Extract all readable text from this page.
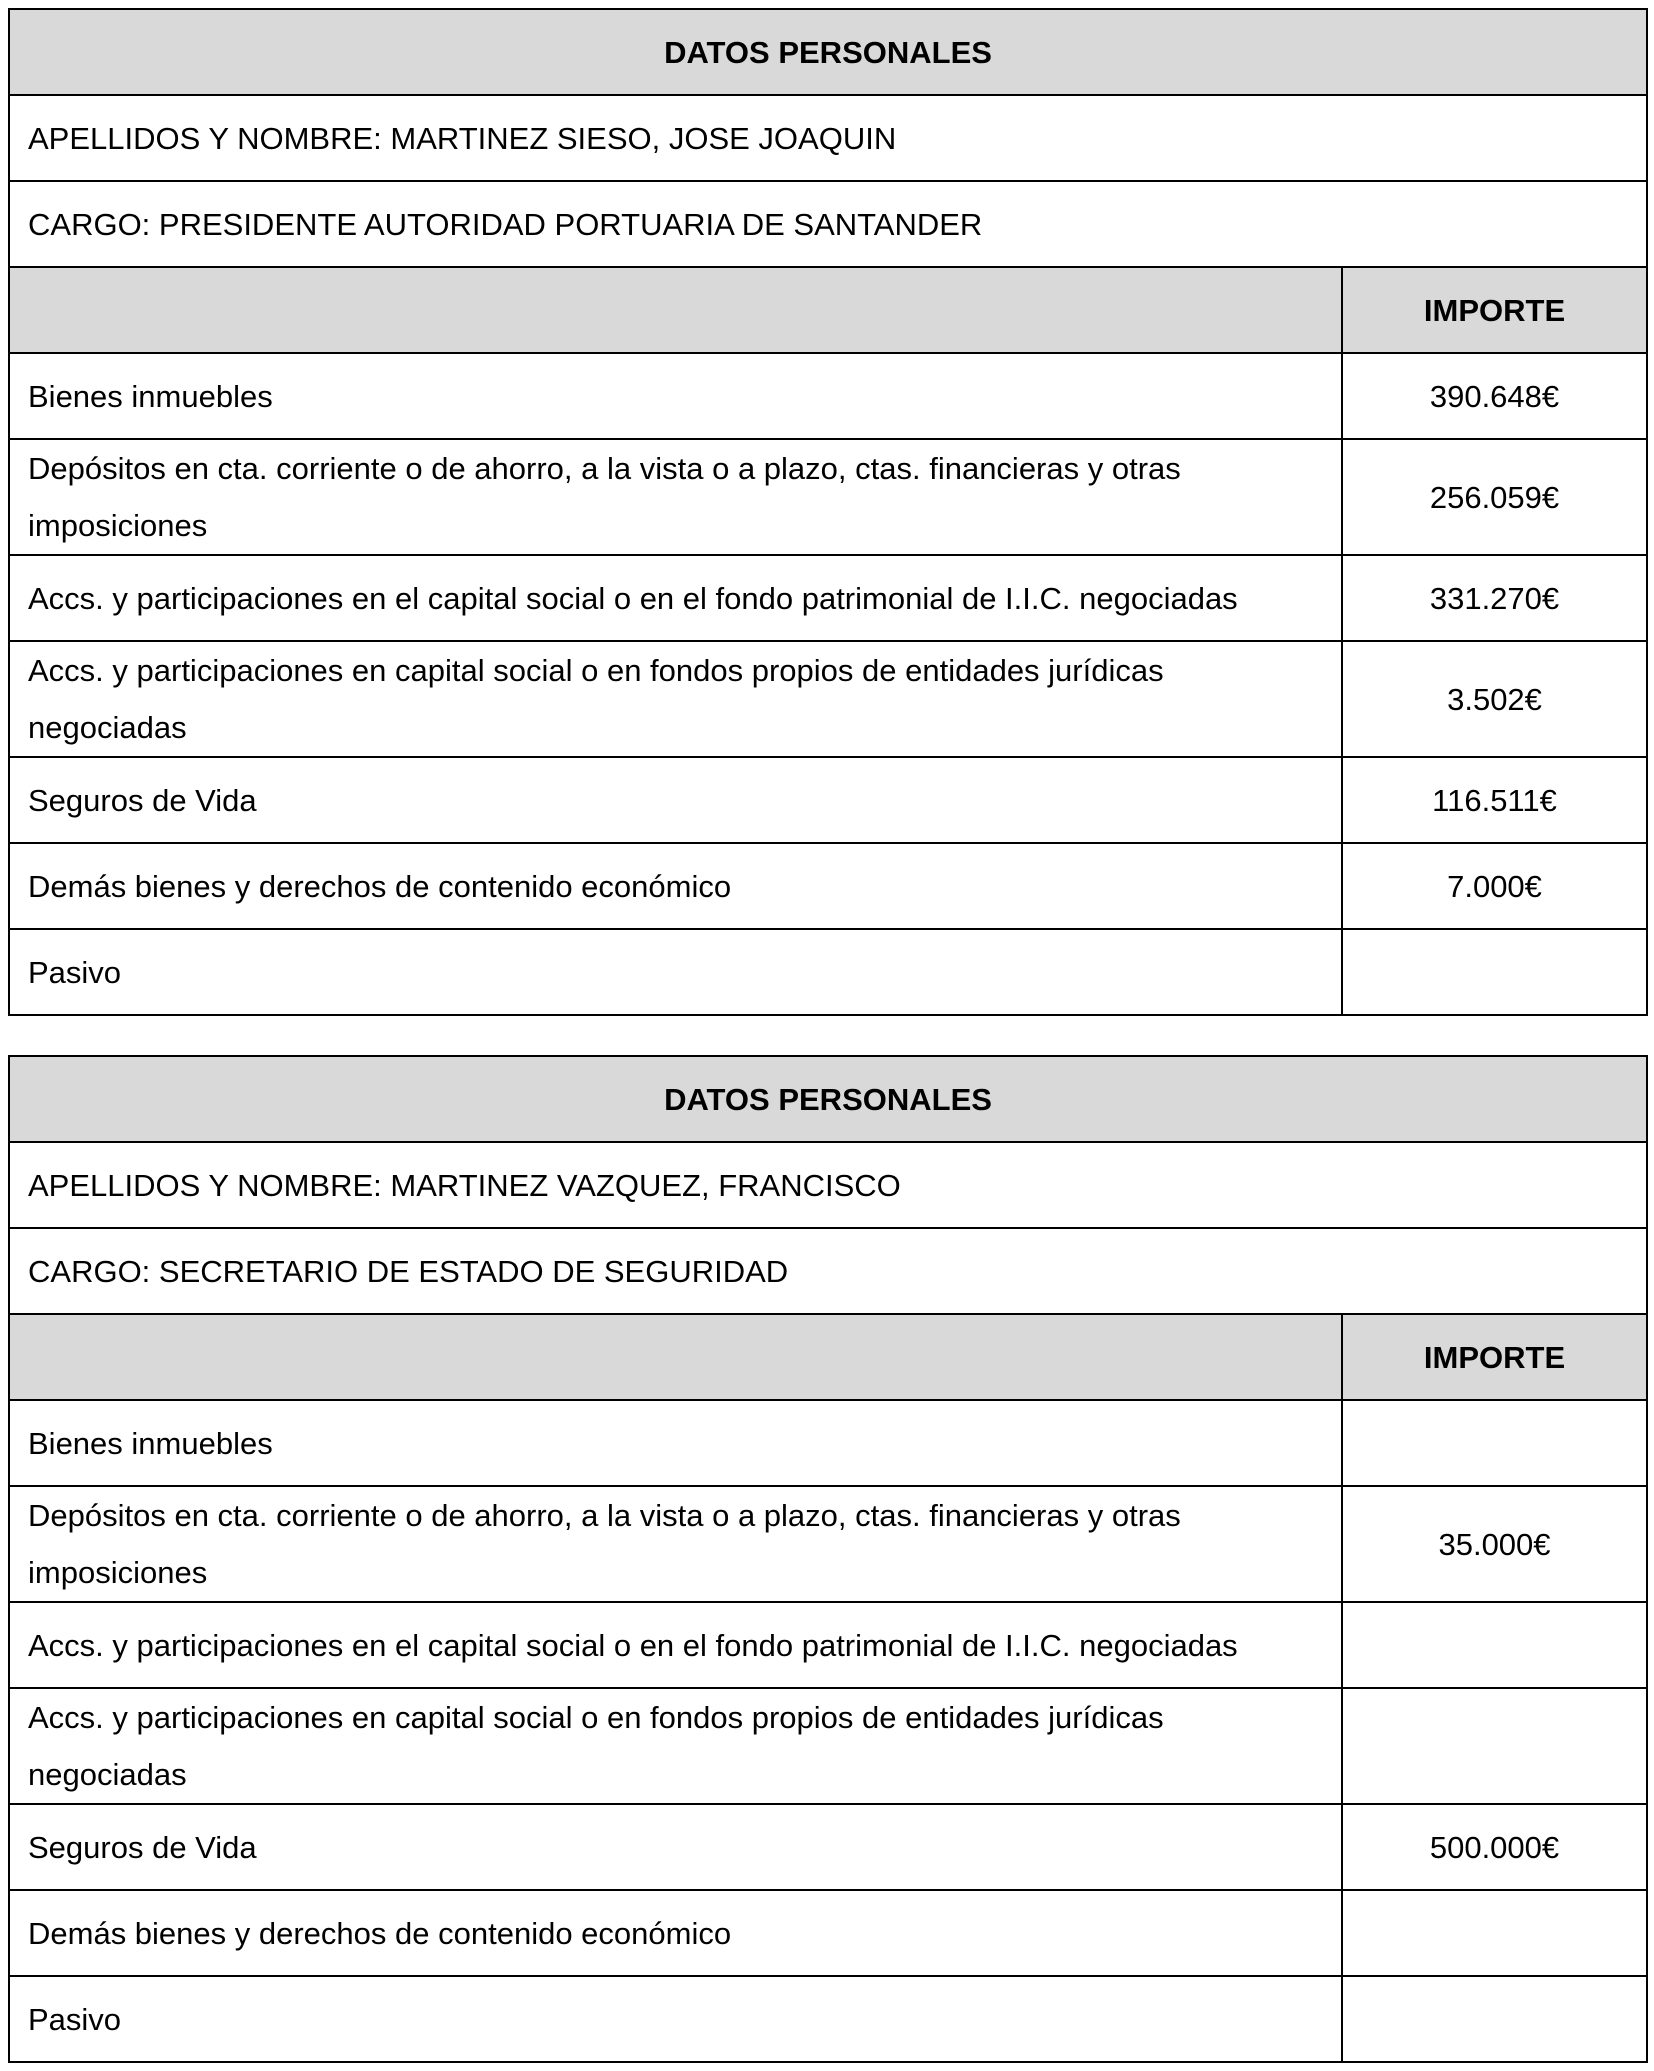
DATOS PERSONALES	
APELLIDOS Y NOMBRE: MARTINEZ SIESO, JOSE JOAQUIN	
CARGO: PRESIDENTE AUTORIDAD PORTUARIA DE SANTANDER	
	IMPORTE
Bienes inmuebles	390.648€
Depósitos en cta. corriente o de ahorro, a la vista o a plazo, ctas. financieras y otras imposiciones	256.059€
Accs. y participaciones en el capital social o en el fondo patrimonial de I.I.C. negociadas	331.270€
Accs. y participaciones en capital social o en fondos propios de entidades jurídicas negociadas	3.502€
Seguros de Vida	116.511€
Demás bienes y derechos de contenido económico	7.000€
Pasivo	
DATOS PERSONALES	
APELLIDOS Y NOMBRE: MARTINEZ VAZQUEZ, FRANCISCO	
CARGO: SECRETARIO DE ESTADO DE SEGURIDAD	
	IMPORTE
Bienes inmuebles	
Depósitos en cta. corriente o de ahorro, a la vista o a plazo, ctas. financieras y otras imposiciones	35.000€
Accs. y participaciones en el capital social o en el fondo patrimonial de I.I.C. negociadas	
Accs. y participaciones en capital social o en fondos propios de entidades jurídicas negociadas	
Seguros de Vida	500.000€
Demás bienes y derechos de contenido económico	
Pasivo	
